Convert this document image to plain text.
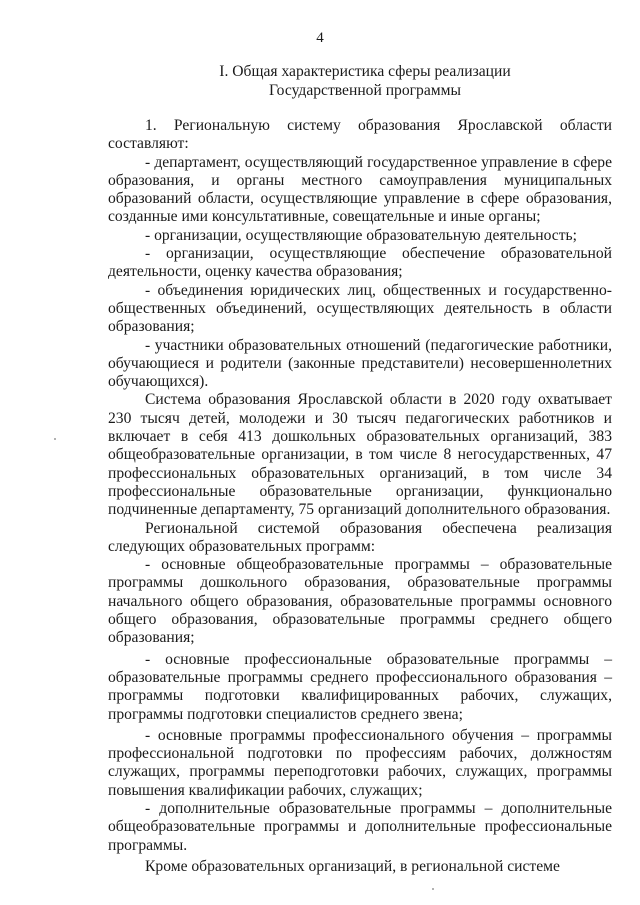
4
I. Общая характеристика сферы реализации
Государственной программы

1. Региональную систему образования Ярославской области составляют:

- департамент, осуществляющий государственное управление в сфере образования, и органы местного самоуправления муниципальных образований области, осуществляющие управление в сфере образования, созданные ими консультативные, совещательные и иные органы;

- организации, осуществляющие образовательную деятельность;

- организации, осуществляющие обеспечение образовательной деятельности, оценку качества образования;

- объединения юридических лиц, общественных и государственно-общественных объединений, осуществляющих деятельность в области образования;

- участники образовательных отношений (педагогические работники, обучающиеся и родители (законные представители) несовершеннолетних обучающихся).

Система образования Ярославской области в 2020 году охватывает 230 тысяч детей, молодежи и 30 тысяч педагогических работников и включает в себя 413 дошкольных образовательных организаций, 383 общеобразовательные организации, в том числе 8 негосударственных, 47 профессиональных образовательных организаций, в том числе 34 профессиональные образовательные организации, функционально подчиненные департаменту, 75 организаций дополнительного образования.

Региональной системой образования обеспечена реализация следующих образовательных программ:

- основные общеобразовательные программы – образовательные программы дошкольного образования, образовательные программы начального общего образования, образовательные программы основного общего образования, образовательные программы среднего общего образования;

- основные профессиональные образовательные программы – образовательные программы среднего профессионального образования – программы подготовки квалифицированных рабочих, служащих, программы подготовки специалистов среднего звена;

- основные программы профессионального обучения – программы профессиональной подготовки по профессиям рабочих, должностям служащих, программы переподготовки рабочих, служащих, программы повышения квалификации рабочих, служащих;

- дополнительные образовательные программы – дополнительные общеобразовательные программы и дополнительные профессиональные программы.

Кроме образовательных организаций, в региональной системе
